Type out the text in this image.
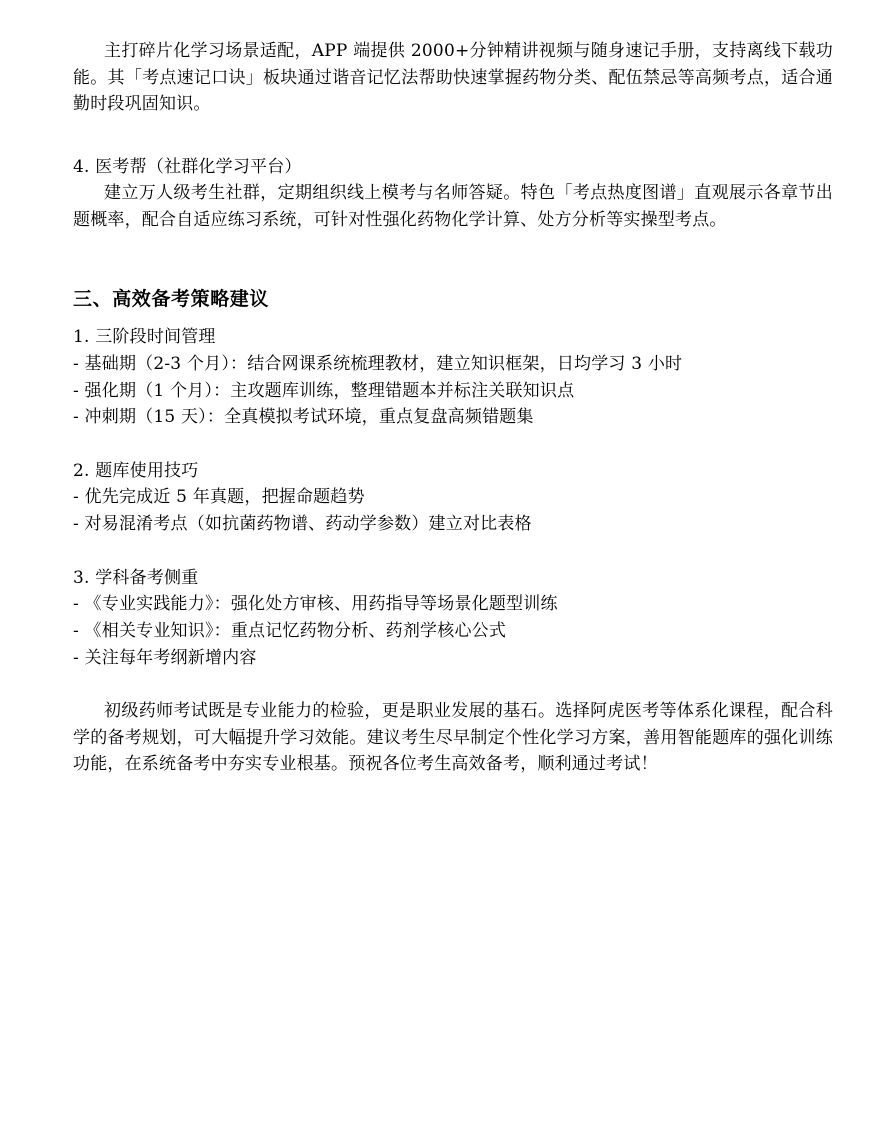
主打碎片化学习场景适配，APP 端提供 2000+分钟精讲视频与随身速记手册，支持离线下载功能。其「考点速记口诀」板块通过谐音记忆法帮助快速掌握药物分类、配伍禁忌等高频考点，适合通勤时段巩固知识。

4. 医考帮（社群化学习平台）

建立万人级考生社群，定期组织线上模考与名师答疑。特色「考点热度图谱」直观展示各章节出题概率，配合自适应练习系统，可针对性强化药物化学计算、处方分析等实操型考点。

三、高效备考策略建议
1. 三阶段时间管理
- 基础期（2-3 个月）：结合网课系统梳理教材，建立知识框架，日均学习 3 小时
- 强化期（1 个月）：主攻题库训练，整理错题本并标注关联知识点
- 冲刺期（15 天）：全真模拟考试环境，重点复盘高频错题集
2. 题库使用技巧
- 优先完成近 5 年真题，把握命题趋势
- 对易混淆考点（如抗菌药物谱、药动学参数）建立对比表格
3. 学科备考侧重
- 《专业实践能力》：强化处方审核、用药指导等场景化题型训练
- 《相关专业知识》：重点记忆药物分析、药剂学核心公式
- 关注每年考纲新增内容

初级药师考试既是专业能力的检验，更是职业发展的基石。选择阿虎医考等体系化课程，配合科学的备考规划，可大幅提升学习效能。建议考生尽早制定个性化学习方案，善用智能题库的强化训练功能，在系统备考中夯实专业根基。预祝各位考生高效备考，顺利通过考试！
